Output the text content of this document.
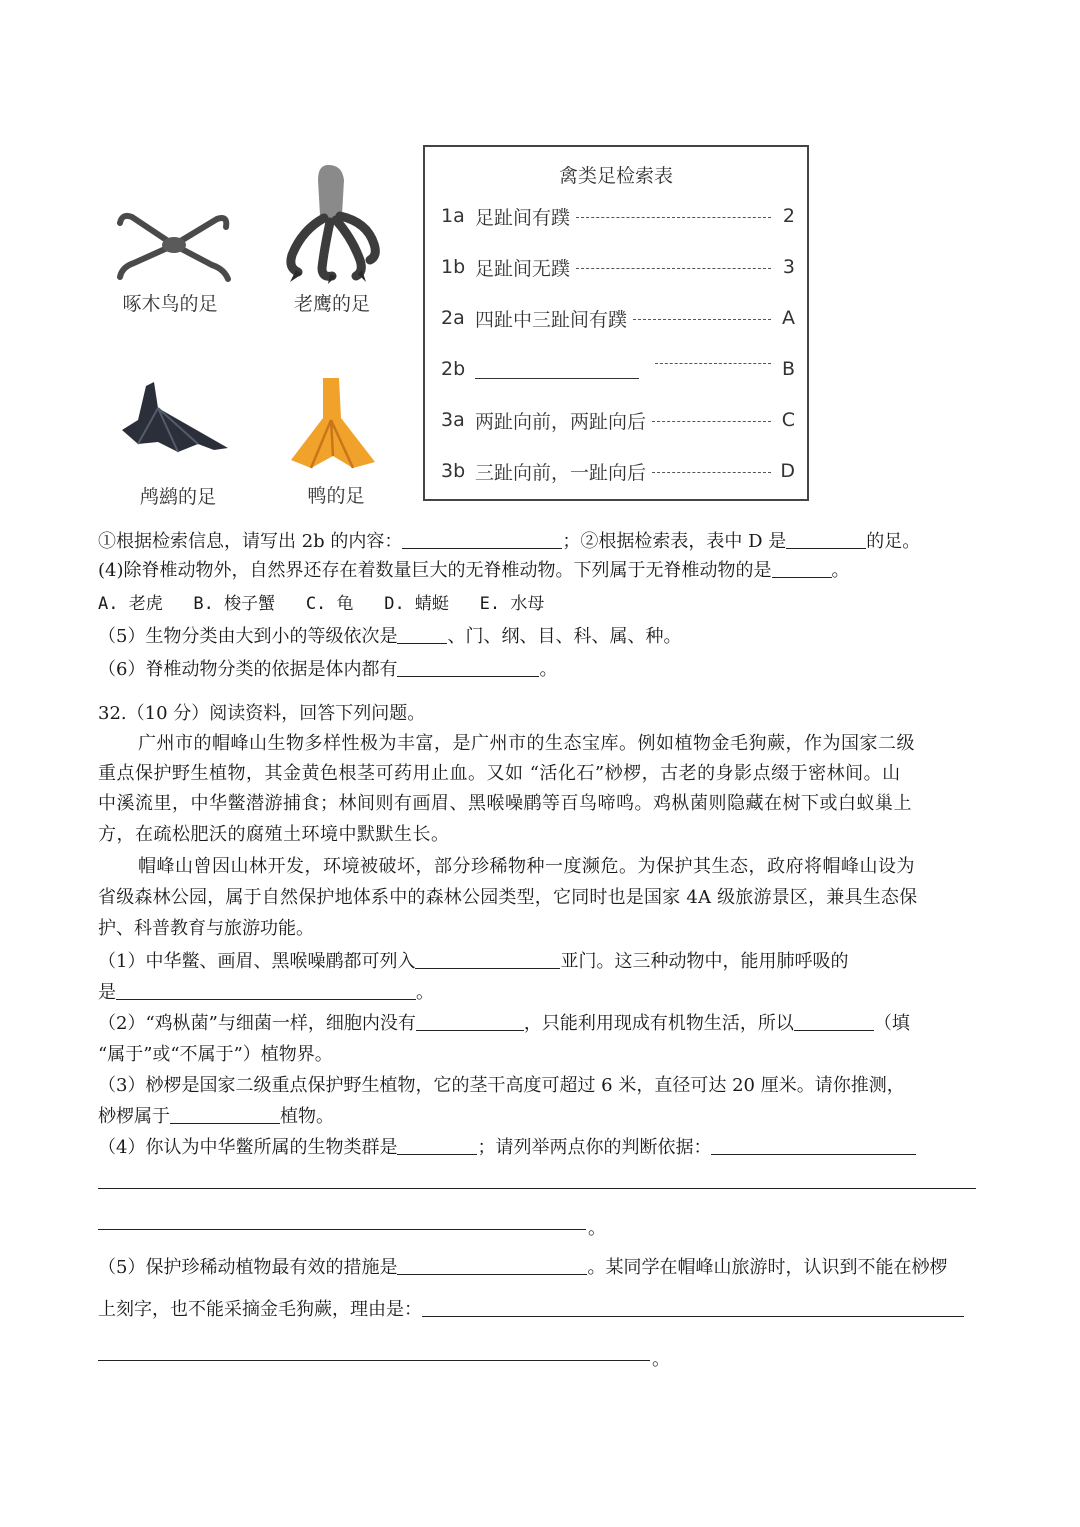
啄木鸟的足	老鹰的足
鸬鹚的足	鸭的足
禽类足检索表
1a 足趾间有蹼	2
1b 足趾间无蹼	3
2a 四趾中三趾间有蹼	A
2b	B
3a 两趾向前，两趾向后	C
3b 三趾向前，一趾向后	D
①根据检索信息，请写出 2b 的内容：	；②根据检索表，表中 D 是	的足。
(4)除脊椎动物外，自然界还存在着数量巨大的无脊椎动物。下列属于无脊椎动物的是	。
A. 老虎   B. 梭子蟹   C. 龟   D. 蜻蜓   E. 水母
（5）生物分类由大到小的等级依次是	、门、纲、目、科、属、种。
（6）脊椎动物分类的依据是体内都有	。
32.（10 分）阅读资料，回答下列问题。
广州市的帽峰山生物多样性极为丰富，是广州市的生态宝库。例如植物金毛狗蕨，作为国家二级
重点保护野生植物，其金黄色根茎可药用止血。又如 “活化石”桫椤，古老的身影点缀于密林间。山
中溪流里，中华鳖潜游捕食；林间则有画眉、黑喉噪鹛等百鸟啼鸣。鸡枞菌则隐藏在树下或白蚁巢上
方，在疏松肥沃的腐殖土环境中默默生长。
帽峰山曾因山林开发，环境被破坏，部分珍稀物种一度濒危。为保护其生态，政府将帽峰山设为
省级森林公园，属于自然保护地体系中的森林公园类型，它同时也是国家 4A 级旅游景区，兼具生态保
护、科普教育与旅游功能。
（1）中华鳖、画眉、黑喉噪鹛都可列入	亚门。这三种动物中，能用肺呼吸的
是	。
（2）“鸡枞菌”与细菌一样，细胞内没有	，只能利用现成有机物生活，所以	（填
“属于”或“不属于”）植物界。
（3）桫椤是国家二级重点保护野生植物，它的茎干高度可超过 6 米，直径可达 20 厘米。请你推测，
桫椤属于	植物。
（4）你认为中华鳖所属的生物类群是	；请列举两点你的判断依据：
。
（5）保护珍稀动植物最有效的措施是	。某同学在帽峰山旅游时，认识到不能在桫椤
上刻字，也不能采摘金毛狗蕨，理由是：
。
